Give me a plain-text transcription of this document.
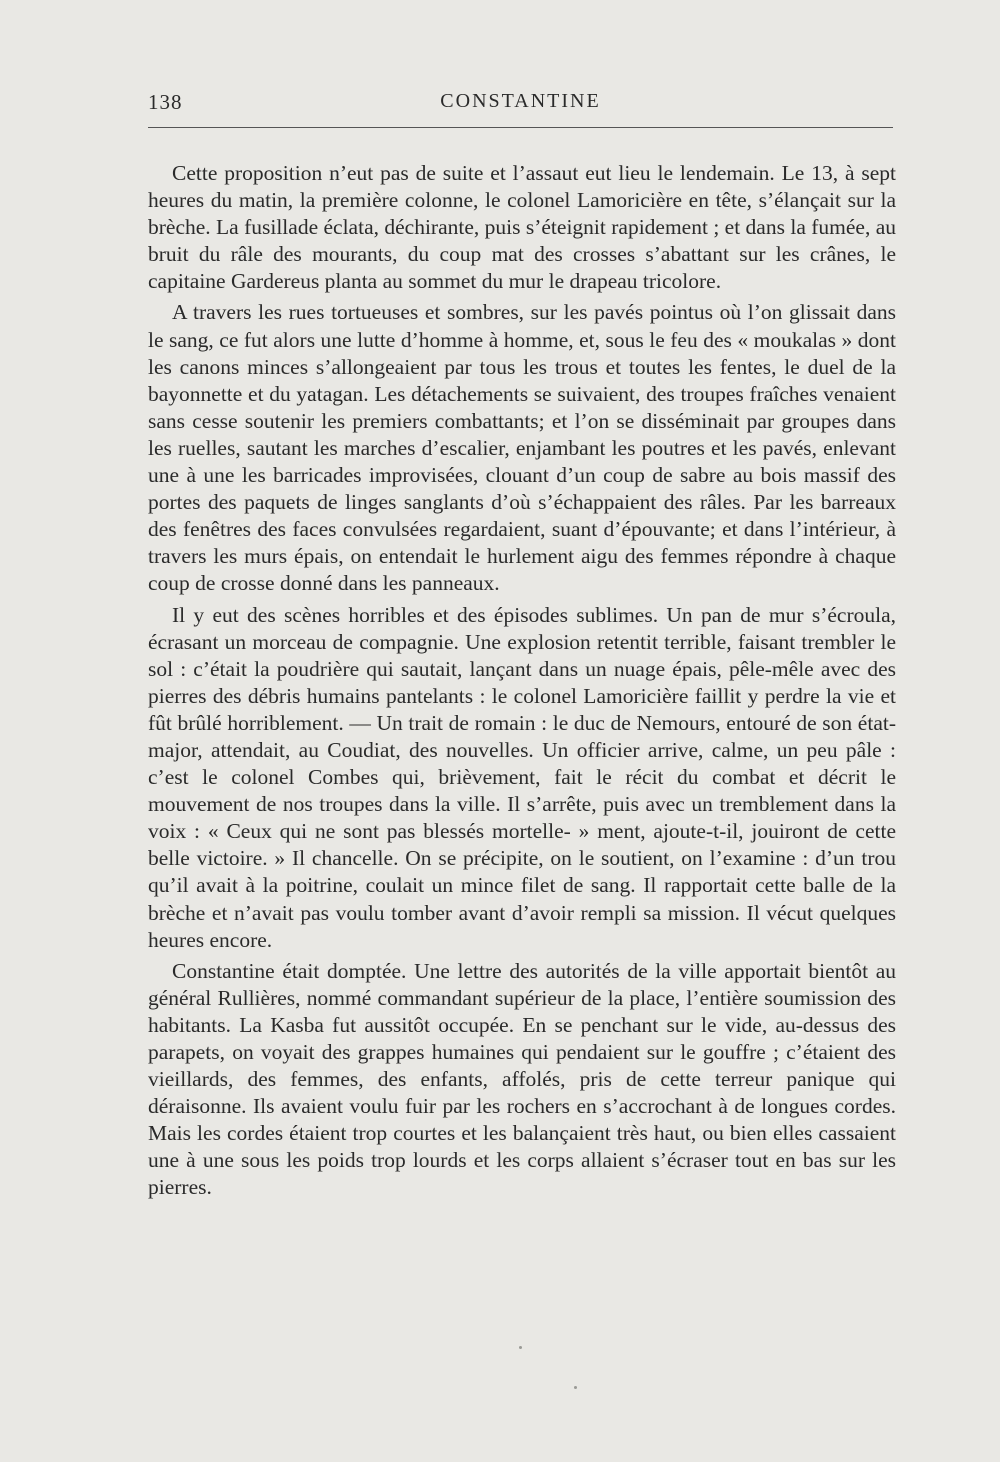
138	CONSTANTINE

Cette proposition n’eut pas de suite et l’assaut eut lieu le lendemain. Le 13, à sept heures du matin, la première colonne, le colonel Lamoricière en tête, s’élançait sur la brèche. La fusillade éclata, déchirante, puis s’éteignit rapidement ; et dans la fumée, au bruit du râle des mourants, du coup mat des crosses s’abattant sur les crânes, le capitaine Gardereus planta au sommet du mur le drapeau tricolore.

A travers les rues tortueuses et sombres, sur les pavés pointus où l’on glissait dans le sang, ce fut alors une lutte d’homme à homme, et, sous le feu des « moukalas » dont les canons minces s’allongeaient par tous les trous et toutes les fentes, le duel de la bayonnette et du yatagan. Les détachements se suivaient, des troupes fraîches venaient sans cesse soutenir les premiers combattants; et l’on se disséminait par groupes dans les ruelles, sautant les marches d’escalier, enjambant les poutres et les pavés, enlevant une à une les barricades improvisées, clouant d’un coup de sabre au bois massif des portes des paquets de linges sanglants d’où s’échappaient des râles. Par les barreaux des fenêtres des faces convulsées regardaient, suant d’épouvante; et dans l’intérieur, à travers les murs épais, on entendait le hurlement aigu des femmes répondre à chaque coup de crosse donné dans les panneaux.

Il y eut des scènes horribles et des épisodes sublimes. Un pan de mur s’écroula, écrasant un morceau de compagnie. Une explosion retentit terrible, faisant trembler le sol : c’était la poudrière qui sautait, lançant dans un nuage épais, pêle-mêle avec des pierres des débris humains pantelants : le colonel Lamoricière faillit y perdre la vie et fût brûlé horriblement. — Un trait de romain : le duc de Nemours, entouré de son état-major, attendait, au Coudiat, des nouvelles. Un officier arrive, calme, un peu pâle : c’est le colonel Combes qui, brièvement, fait le récit du combat et décrit le mouvement de nos troupes dans la ville. Il s’arrête, puis avec un tremblement dans la voix : « Ceux qui ne sont pas blessés mortelle- » ment, ajoute-t-il, jouiront de cette belle victoire. » Il chancelle. On se précipite, on le soutient, on l’examine : d’un trou qu’il avait à la poitrine, coulait un mince filet de sang. Il rapportait cette balle de la brèche et n’avait pas voulu tomber avant d’avoir rempli sa mission. Il vécut quelques heures encore.

Constantine était domptée. Une lettre des autorités de la ville apportait bientôt au général Rullières, nommé commandant supérieur de la place, l’entière soumission des habitants. La Kasba fut aussitôt occupée. En se penchant sur le vide, au-dessus des parapets, on voyait des grappes humaines qui pendaient sur le gouffre ; c’étaient des vieillards, des femmes, des enfants, affolés, pris de cette terreur panique qui déraisonne. Ils avaient voulu fuir par les rochers en s’accrochant à de longues cordes. Mais les cordes étaient trop courtes et les balançaient très haut, ou bien elles cassaient une à une sous les poids trop lourds et les corps allaient s’écraser tout en bas sur les pierres.
